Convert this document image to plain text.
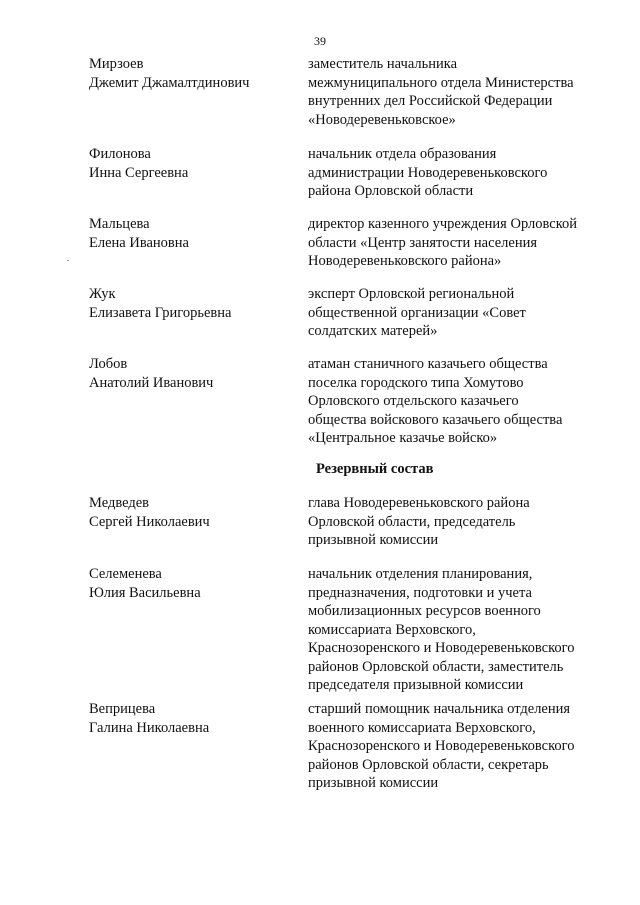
39
Мирзоев
Джемит Джамалтдинович
заместитель начальника
межмуниципального отдела Министерства
внутренних дел Российской Федерации
«Новодеревеньковское»
Филонова
Инна Сергеевна
начальник отдела образования
администрации Новодеревеньковского
района Орловской области
Мальцева
Елена Ивановна
директор казенного учреждения Орловской
области «Центр занятости населения
Новодеревеньковского района»
Жук
Елизавета Григорьевна
эксперт Орловской региональной
общественной организации «Совет
солдатских матерей»
Лобов
Анатолий Иванович
атаман станичного казачьего общества
поселка городского типа Хомутово
Орловского отдельского казачьего
общества войскового казачьего общества
«Центральное казачье войско»
Резервный состав
Медведев
Сергей Николаевич
глава Новодеревеньковского района
Орловской области, председатель
призывной комиссии
Селеменева
Юлия Васильевна
начальник отделения планирования,
предназначения, подготовки и учета
мобилизационных ресурсов военного
комиссариата Верховского,
Краснозоренского и Новодеревеньковского
районов Орловской области, заместитель
председателя призывной комиссии
Веприцева
Галина Николаевна
старший помощник начальника отделения
военного комиссариата Верховского,
Краснозоренского и Новодеревеньковского
районов Орловской области, секретарь
призывной комиссии
